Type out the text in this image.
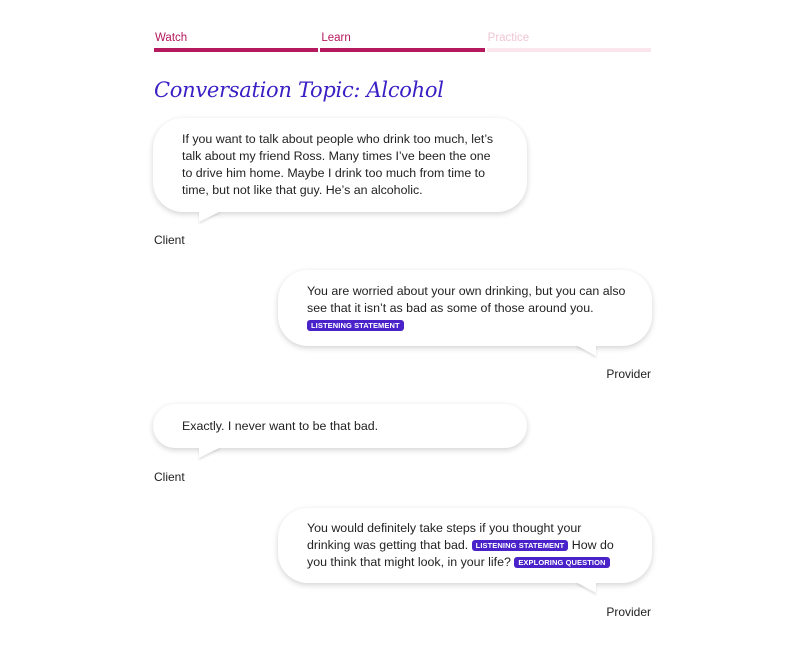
Watch	Learn	Practice
Conversation Topic: Alcohol
If you want to talk about people who drink too much, let’s talk about my friend Ross. Many times I’ve been the one to drive him home. Maybe I drink too much from time to time, but not like that guy. He’s an alcoholic.
Client
You are worried about your own drinking, but you can also see that it isn’t as bad as some of those around you.
LISTENING STATEMENT
Provider
Exactly. I never want to be that bad.
Client
You would definitely take steps if you thought your drinking was getting that bad. LISTENING STATEMENT How do you think that might look, in your life? EXPLORING QUESTION
Provider
